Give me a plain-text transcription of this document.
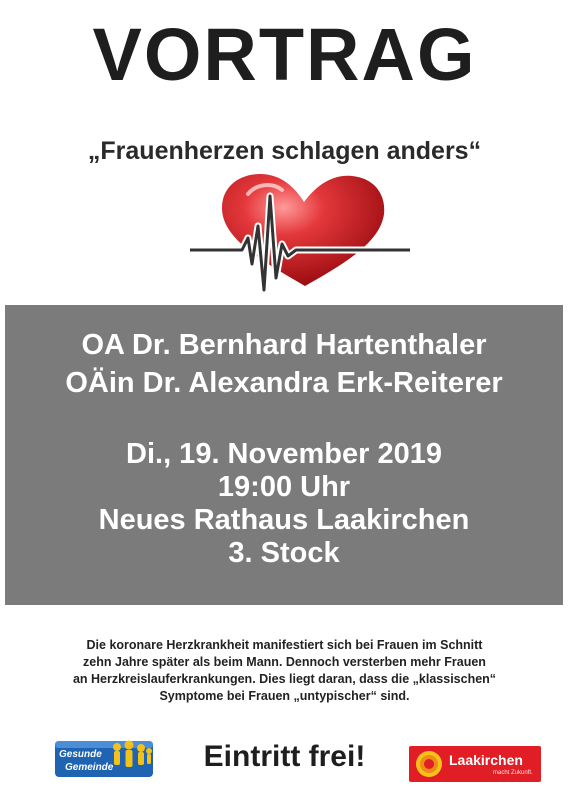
VORTRAG
„Frauenherzen schlagen anders“
OA Dr. Bernhard Hartenthaler
OÄin Dr. Alexandra Erk-Reiterer
Di., 19. November 2019
19:00 Uhr
Neues Rathaus Laakirchen
3. Stock
Die koronare Herzkrankheit manifestiert sich bei Frauen im Schnitt
zehn Jahre später als beim Mann. Dennoch versterben mehr Frauen
an Herzkreislauferkrankungen. Dies liegt daran, dass die „klassischen“
Symptome bei Frauen „untypischer“ sind.
Gesunde
Gemeinde	Eintritt frei!	Laakirchen
macht Zukunft.
